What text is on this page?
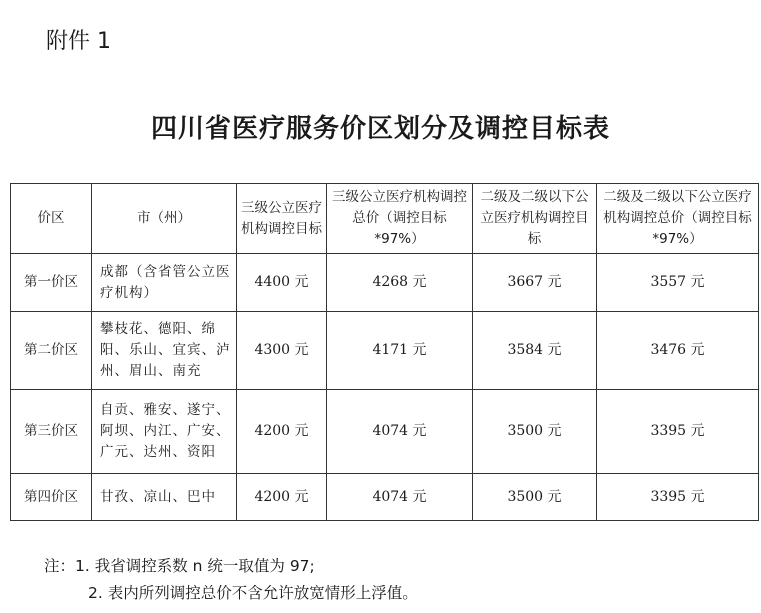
附件 1
四川省医疗服务价区划分及调控目标表
价区	市（州）	三级公立医疗机构调控目标	三级公立医疗机构调控总价（调控目标*97%）	二级及二级以下公立医疗机构调控目标	二级及二级以下公立医疗机构调控总价（调控目标*97%）
第一价区	成都（含省管公立医疗机构）	4400 元	4268 元	3667 元	3557 元
第二价区	攀枝花、德阳、绵阳、乐山、宜宾、泸州、眉山、南充	4300 元	4171 元	3584 元	3476 元
第三价区	自贡、雅安、遂宁、阿坝、内江、广安、广元、达州、资阳	4200 元	4074 元	3500 元	3395 元
第四价区	甘孜、凉山、巴中	4200 元	4074 元	3500 元	3395 元
注：1. 我省调控系数 n 统一取值为 97;
2. 表内所列调控总价不含允许放宽情形上浮值。
